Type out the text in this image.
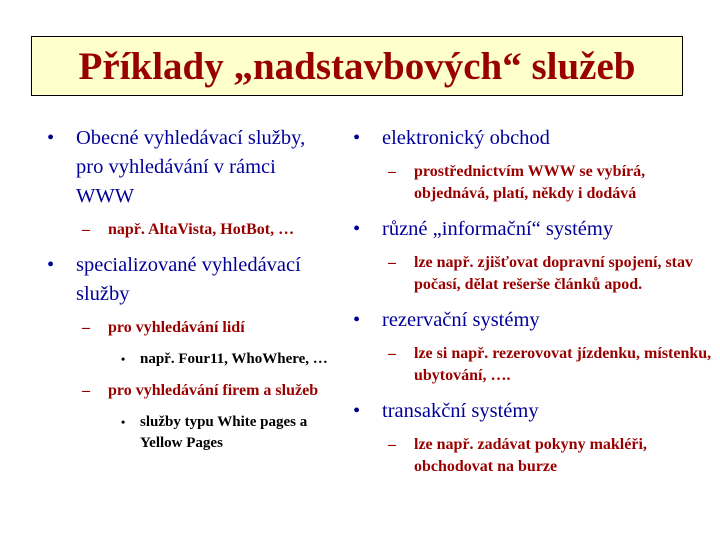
Příklady „nadstavbových“ služeb
• Obecné vyhledávací služby, pro vyhledávání v rámci WWW
– např. AltaVista, HotBot, …
• specializované vyhledávací služby
– pro vyhledávání lidí
• např. Four11, WhoWhere, …
– pro vyhledávání firem a služeb
• služby typu White pages a Yellow Pages
• elektronický obchod
– prostřednictvím WWW se vybírá, objednává, platí, někdy i dodává
• různé „informační“ systémy
– lze např. zjišťovat dopravní spojení, stav počasí, dělat rešerše článků apod.
• rezervační systémy
– lze si např. rezerovovat jízdenku, místenku, ubytování, ….
• transakční systémy
– lze např. zadávat pokyny makléři, obchodovat na burze
